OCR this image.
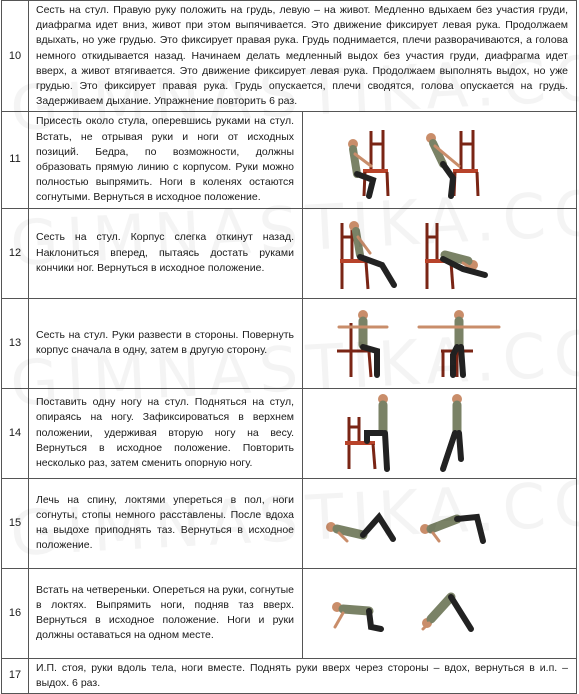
10	Сесть на стул. Правую руку положить на грудь, левую – на живот. Медленно вдыхаем без участия груди, диафрагма идет вниз, живот при этом выпячивается. Это движение фиксирует левая рука. Продолжаем вдыхать, но уже грудью. Это фиксирует правая рука. Грудь поднимается, плечи разворачиваются, а голова немного откидывается назад. Начинаем делать медленный выдох без участия груди, диафрагма идет вверх, а живот втягивается. Это движение фиксирует левая рука. Продолжаем выполнять выдох, но уже грудью. Это фиксирует правая рука. Грудь опускается, плечи сводятся, голова опускается на грудь. Задерживаем дыхание. Упражнение повторить 6 раз.	
11	Присесть около стула, оперевшись руками на стул. Встать, не отрывая руки и ноги от исходных позиций. Бедра, по возможности, должны образовать прямую линию с корпусом. Руки можно полностью выпрямить. Ноги в коленях остаются согнутыми. Вернуться в исходное положение.	

12	Сесть на стул. Корпус слегка откинут назад. Наклониться вперед, пытаясь достать руками кончики ног. Вернуться в исходное положение.	

13	Сесть на стул. Руки развести в стороны. Повернуть корпус сначала в одну, затем в другую сторону.	

14	Поставить одну ногу на стул. Подняться на стул, опираясь на ногу. Зафиксироваться в верхнем положении, удерживая вторую ногу на весу. Вернуться в исходное положение. Повторить несколько раз, затем сменить опорную ногу.	

15	Лечь на спину, локтями упереться в пол, ноги согнуты, стопы немного расставлены. После вдоха на выдохе приподнять таз. Вернуться в исходное положение.	

16	Встать на четвереньки. Опереться на руки, согнутые в локтях. Выпрямить ноги, подняв таз вверх. Вернуться в исходное положение. Ноги и руки должны оставаться на одном месте.	

17	И.П. стоя, руки вдоль тела, ноги вместе. Поднять руки вверх через стороны – вдох, вернуться в и.п. – выдох. 6 раз.	
